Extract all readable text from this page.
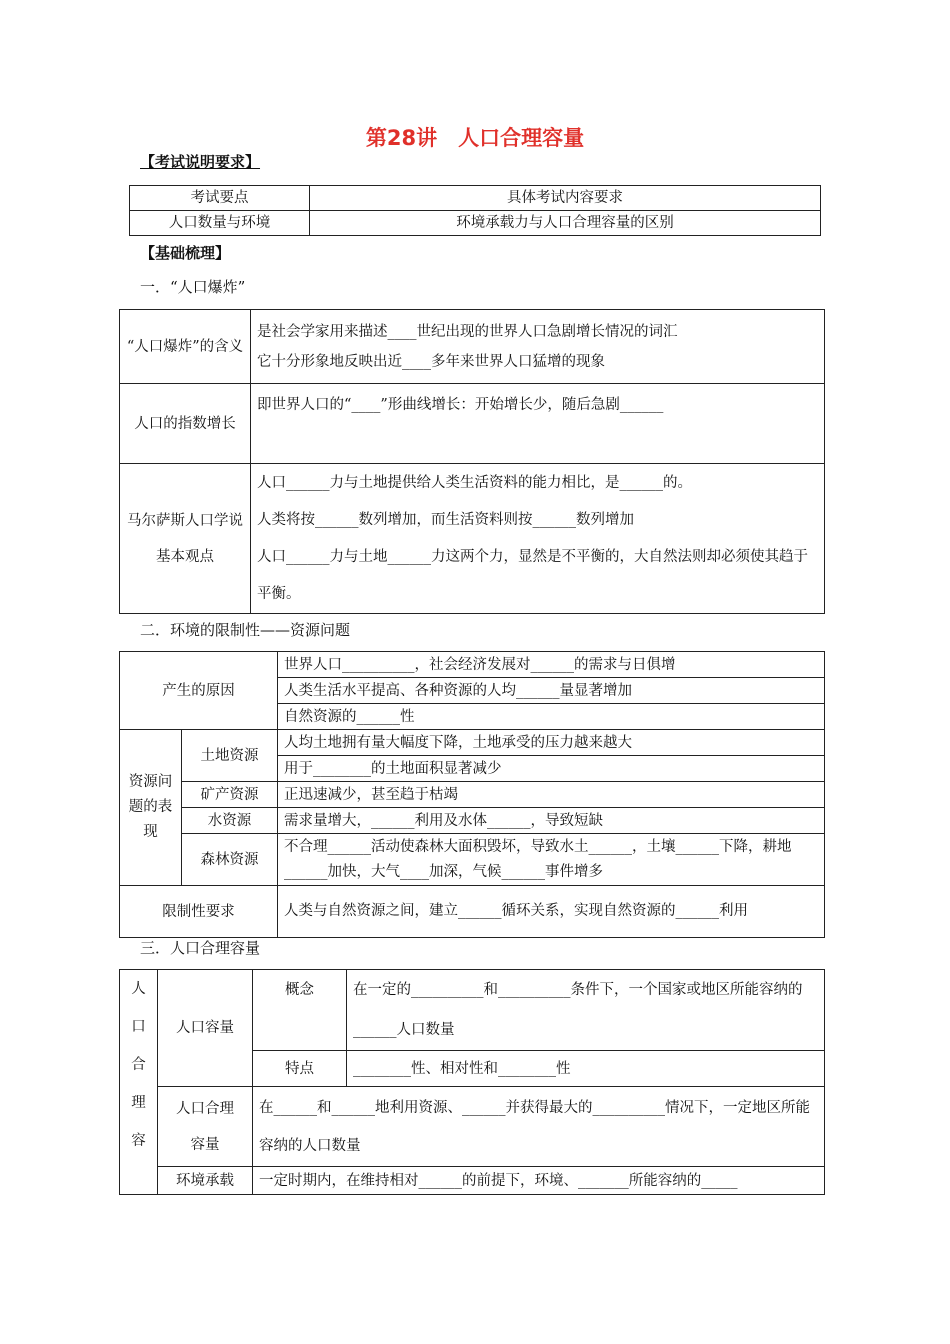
第28讲　人口合理容量
【考试说明要求】
考试要点	具体考试内容要求
人口数量与环境	环境承载力与人口合理容量的区别
【基础梳理】
一．“人口爆炸”
“人口爆炸”的含义	是社会学家用来描述____世纪出现的世界人口急剧增长情况的词汇
它十分形象地反映出近____多年来世界人口猛增的现象

人口的指数增长	即世界人口的“____”形曲线增长：开始增长少，随后急剧______

马尔萨斯人口学说基本观点	人口______力与土地提供给人类生活资料的能力相比，是______的。
人类将按______数列增加，而生活资料则按______数列增加
人口______力与土地______力这两个力，显然是不平衡的，大自然法则却必须使其趋于平衡。
二．环境的限制性——资源问题
产生的原因		世界人口__________，社会经济发展对______的需求与日俱增
		人类生活水平提高、各种资源的人均______量显著增加
		自然资源的______性

资源问题的表现	土地资源	人均土地拥有量大幅度下降，土地承受的压力越来越大
		用于________的土地面积显著减少
	矿产资源	正迅速减少，甚至趋于枯竭
	水资源	需求量增大，______利用及水体______，导致短缺
	森林资源	不合理______活动使森林大面积毁坏，导致水土______，土壤______下降，耕地______加快，大气____加深，气候______事件增多

限制性要求		人类与自然资源之间，建立______循环关系，实现自然资源的______利用
三．人口合理容量
人口合理容	人口容量	概念	在一定的__________和__________条件下，一个国家或地区所能容纳的______人口数量
		特点	________性、相对性和________性

	人口合理容量	在______和______地利用资源、______并获得最大的__________情况下，一定地区所能容纳的人口数量	
	环境承载	一定时期内，在维持相对______的前提下，环境、_______所能容纳的_____	
